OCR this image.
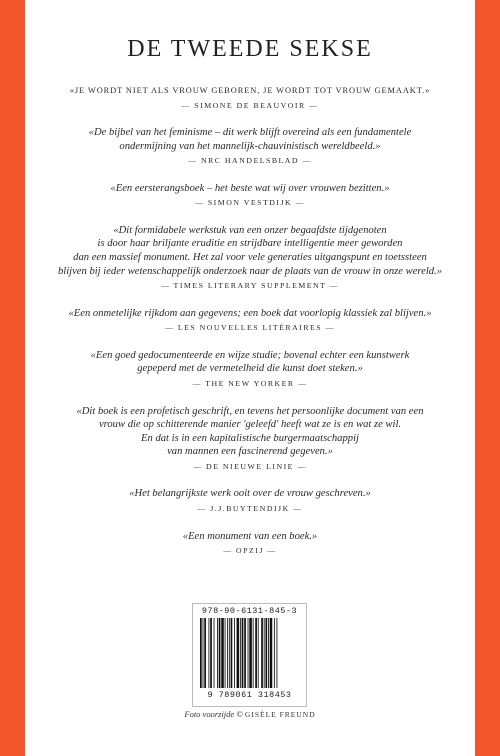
DE TWEEDE SEKSE
«JE WORDT NIET ALS VROUW GEBOREN, JE WORDT TOT VROUW GEMAAKT.»
— SIMONE DE BEAUVOIR —
«De bijbel van het feminisme – dit werk blijft overeind als een fundamentele
ondermijning van het mannelijk-chauvinistisch wereldbeeld.»
— NRC HANDELSBLAD —
«Een eersterangsboek – het beste wat wij over vrouwen bezitten.»
— SIMON VESTDIJK —
«Dit formidabele werkstuk van een onzer begaafdste tijdgenoten
is door haar briljante eruditie en strijdbare intelligentie meer geworden
dan een massief monument. Het zal voor vele generaties uitgangspunt en toetssteen
blijven bij ieder wetenschappelijk onderzoek naar de plaats van de vrouw in onze wereld.»
— TIMES LITERARY SUPPLEMENT —
«Een onmetelijke rijkdom aan gegevens; een boek dat voorlopig klassiek zal blijven.»
— LES NOUVELLES LITÉRAIRES —
«Een goed gedocumenteerde en wijze studie; bovenal echter een kunstwerk
gepeperd met de vermetelheid die kunst doet steken.»
— THE NEW YORKER —
«Dit boek is een profetisch geschrift, en tevens het persoonlijke document van een
vrouw die op schitterende manier 'geleefd' heeft wat ze is en wat ze wil.
En dat is in een kapitalistische burgermaatschappij
van mannen een fascinerend gegeven.»
— DE NIEUWE LINIE —
«Het belangrijkste werk ooit over de vrouw geschreven.»
— J.J.BUYTENDIJK —
«Een monument van een boek.»
— OPZIJ —
978-90-6131-845-3
9 789061 318453
Foto voorzijde © GISÈLE FREUND
